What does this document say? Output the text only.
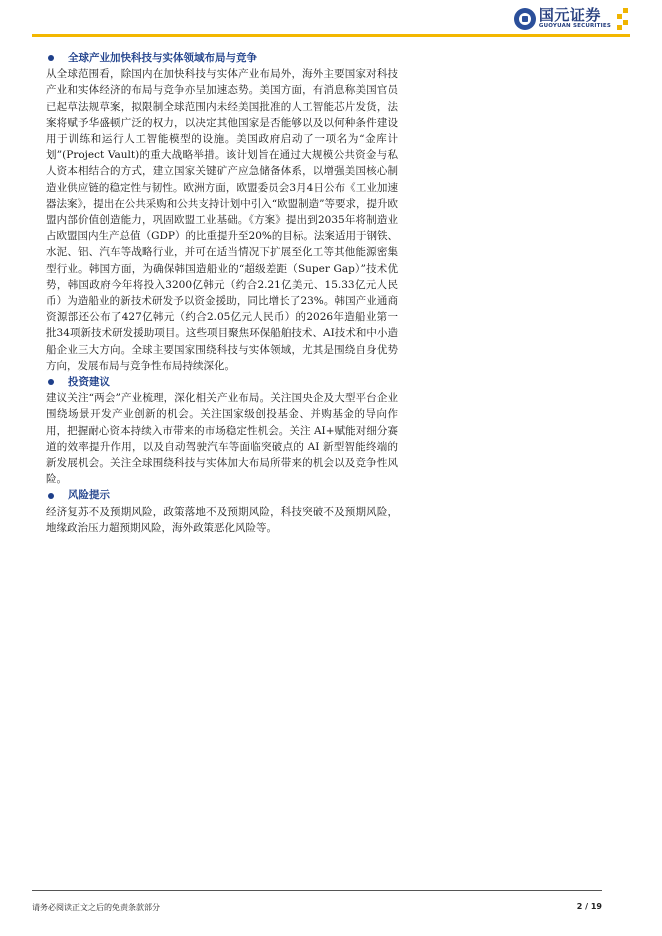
国元证券
GUOYUAN SECURITIES
全球产业加快科技与实体领域布局与竞争

从全球范围看，除国内在加快科技与实体产业布局外，海外主要国家对科技产业和实体经济的布局与竞争亦呈加速态势。美国方面，有消息称美国官员已起草法规草案，拟限制全球范围内未经美国批准的人工智能芯片发货，法案将赋予华盛顿广泛的权力，以决定其他国家是否能够以及以何种条件建设用于训练和运行人工智能模型的设施。美国政府启动了一项名为“金库计划”(Project Vault)的重大战略举措。该计划旨在通过大规模公共资金与私人资本相结合的方式，建立国家关键矿产应急储备体系，以增强美国核心制造业供应链的稳定性与韧性。欧洲方面，欧盟委员会3月4日公布《工业加速器法案》，提出在公共采购和公共支持计划中引入“欧盟制造”等要求，提升欧盟内部价值创造能力，巩固欧盟工业基础。《方案》提出到2035年将制造业占欧盟国内生产总值（GDP）的比重提升至20%的目标。法案适用于钢铁、水泥、铝、汽车等战略行业，并可在适当情况下扩展至化工等其他能源密集型行业。韩国方面，为确保韩国造船业的“超级差距（Super Gap）”技术优势，韩国政府今年将投入3200亿韩元（约合2.21亿美元、15.33亿元人民币）为造船业的新技术研发予以资金援助，同比增长了23%。韩国产业通商资源部还公布了427亿韩元（约合2.05亿元人民币）的2026年造船业第一批34项新技术研发援助项目。这些项目聚焦环保船舶技术、AI技术和中小造船企业三大方向。全球主要国家围绕科技与实体领域，尤其是围绕自身优势方向，发展布局与竞争性布局持续深化。

投资建议

建议关注“两会”产业梳理，深化相关产业布局。关注国央企及大型平台企业围绕场景开发产业创新的机会。关注国家级创投基金、并购基金的导向作用，把握耐心资本持续入市带来的市场稳定性机会。关注 AI+赋能对细分赛道的效率提升作用，以及自动驾驶汽车等面临突破点的 AI 新型智能终端的新发展机会。关注全球围绕科技与实体加大布局所带来的机会以及竞争性风险。

风险提示

经济复苏不及预期风险，政策落地不及预期风险，科技突破不及预期风险，地缘政治压力超预期风险，海外政策恶化风险等。

请务必阅读正文之后的免责条款部分	2 / 19
